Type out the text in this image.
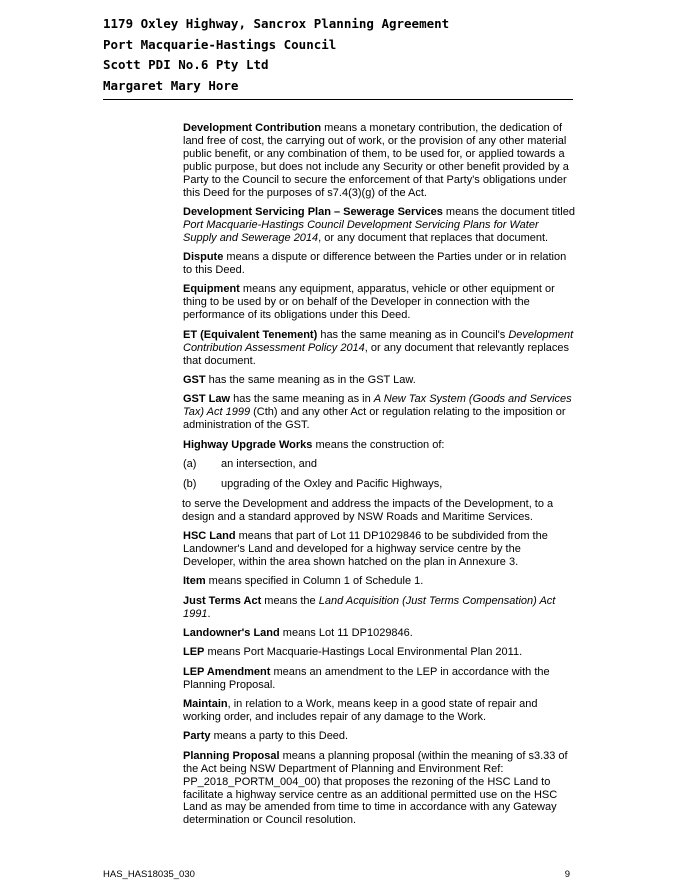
1179 Oxley Highway, Sancrox Planning Agreement
Port Macquarie-Hastings Council
Scott PDI No.6 Pty Ltd
Margaret Mary Hore

Development Contribution means a monetary contribution, the dedication of land free of cost, the carrying out of work, or the provision of any other material public benefit, or any combination of them, to be used for, or applied towards a public purpose, but does not include any Security or other benefit provided by a Party to the Council to secure the enforcement of that Party's obligations under this Deed for the purposes of s7.4(3)(g) of the Act.

Development Servicing Plan – Sewerage Services means the document titled Port Macquarie-Hastings Council Development Servicing Plans for Water Supply and Sewerage 2014, or any document that replaces that document.

Dispute means a dispute or difference between the Parties under or in relation to this Deed.

Equipment means any equipment, apparatus, vehicle or other equipment or thing to be used by or on behalf of the Developer in connection with the performance of its obligations under this Deed.

ET (Equivalent Tenement) has the same meaning as in Council's Development Contribution Assessment Policy 2014, or any document that relevantly replaces that document.

GST has the same meaning as in the GST Law.

GST Law has the same meaning as in A New Tax System (Goods and Services Tax) Act 1999 (Cth) and any other Act or regulation relating to the imposition or administration of the GST.

Highway Upgrade Works means the construction of:

(a)	an intersection, and
(b)	upgrading of the Oxley and Pacific Highways,

to serve the Development and address the impacts of the Development, to a design and a standard approved by NSW Roads and Maritime Services.

HSC Land means that part of Lot 11 DP1029846 to be subdivided from the Landowner's Land and developed for a highway service centre by the Developer, within the area shown hatched on the plan in Annexure 3.

Item means specified in Column 1 of Schedule 1.

Just Terms Act means the Land Acquisition (Just Terms Compensation) Act 1991.

Landowner's Land means Lot 11 DP1029846.

LEP means Port Macquarie-Hastings Local Environmental Plan 2011.

LEP Amendment means an amendment to the LEP in accordance with the Planning Proposal.

Maintain, in relation to a Work, means keep in a good state of repair and working order, and includes repair of any damage to the Work.

Party means a party to this Deed.

Planning Proposal means a planning proposal (within the meaning of s3.33 of the Act being NSW Department of Planning and Environment Ref: PP_2018_PORTM_004_00) that proposes the rezoning of the HSC Land to facilitate a highway service centre as an additional permitted use on the HSC Land as may be amended from time to time in accordance with any Gateway determination or Council resolution.

HAS_HAS18035_030	9
